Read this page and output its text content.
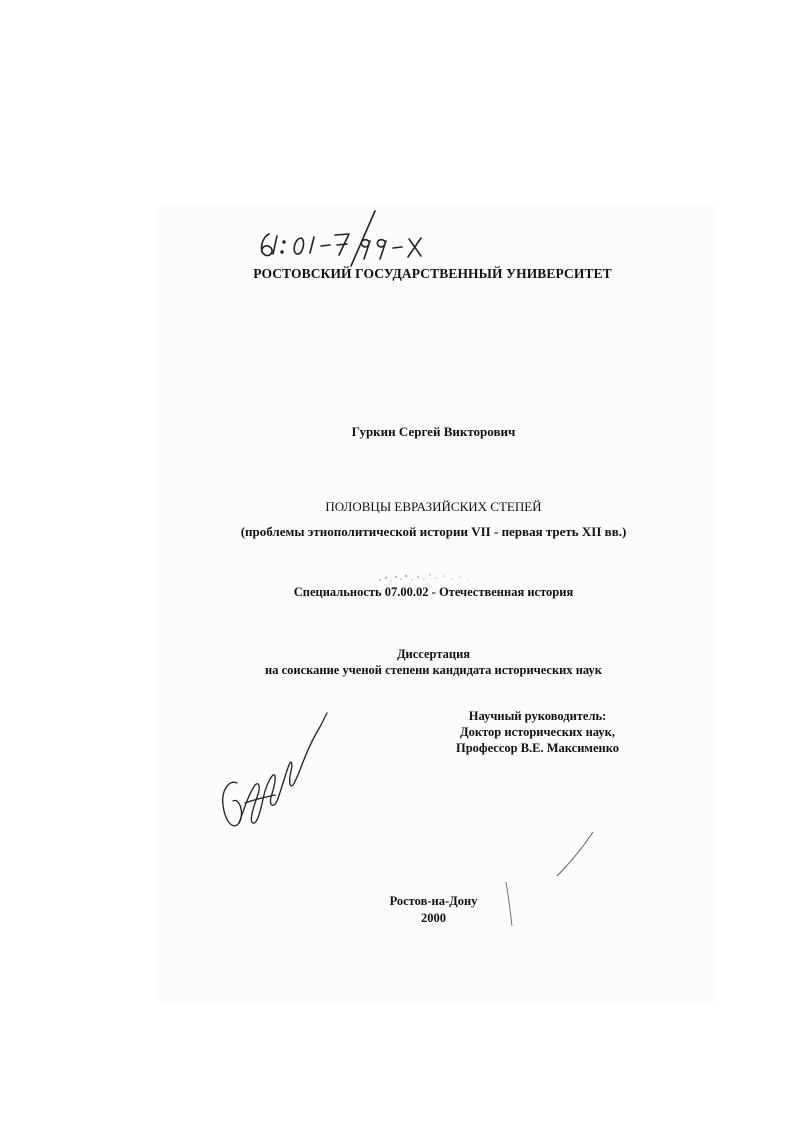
РОСТОВСКИЙ ГОСУДАРСТВЕННЫЙ УНИВЕРСИТЕТ
Гуркин Сергей Викторович
ПОЛОВЦЫ ЕВРАЗИЙСКИХ СТЕПЕЙ
(проблемы этнополитической истории VII - первая треть XII вв.)
Специальность 07.00.02 - Отечественная история
Диссертация
на соискание ученой степени кандидата исторических наук
Научный руководитель:
Доктор исторических наук,
Профессор В.Е. Максименко
Ростов-на-Дону
2000
